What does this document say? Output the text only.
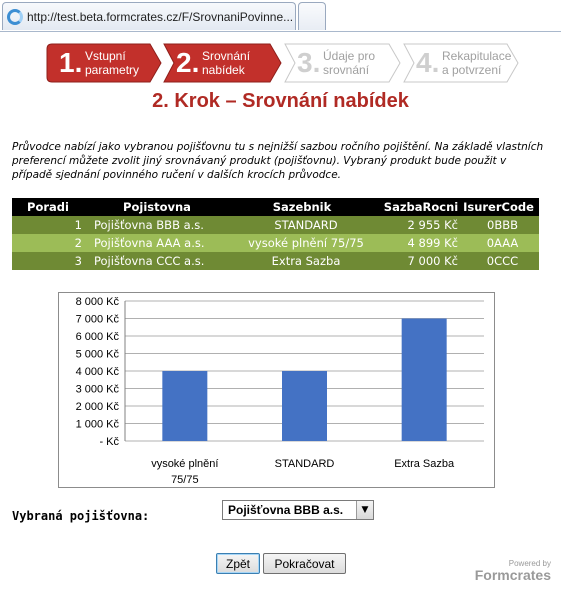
http://test.beta.formcrates.cz/F/SrovnaniPovinne...
1. Vstupní
parametry	2. Srovnání
nabídek	3. Údaje pro
srovnání	4. Rekapitulace
a potvrzení
2. Krok – Srovnání nabídek
Průvodce nabízí jako vybranou pojišťovnu tu s nejnižší sazbou ročního pojištění. Na základě vlastních preferencí můžete zvolit jiný srovnávaný produkt (pojišťovnu). Vybraný produkt bude použit v případě sjednání povinného ručení v dalších krocích průvodce.
Poradi	Pojistovna	Sazebnik	SazbaRocni IsurerCode
1	Pojišťovna BBB a.s.	STANDARD	2 955 Kč	0BBB
2	Pojišťovna AAA a.s.	vysoké plnění 75/75	4 899 Kč	0AAA
3	Pojišťovna CCC a.s.	Extra Sazba	7 000 Kč	0CCC
- Kč
1 000 Kč
2 000 Kč
3 000 Kč
4 000 Kč
5 000 Kč
6 000 Kč
7 000 Kč
8 000 Kč
vysoké plnění
75/75
STANDARD	Extra Sazba
Vybraná pojišťovna:	Pojišťovna BBB a.s.	▼
Zpět	Pokračovat	Powered by
Formcrates
